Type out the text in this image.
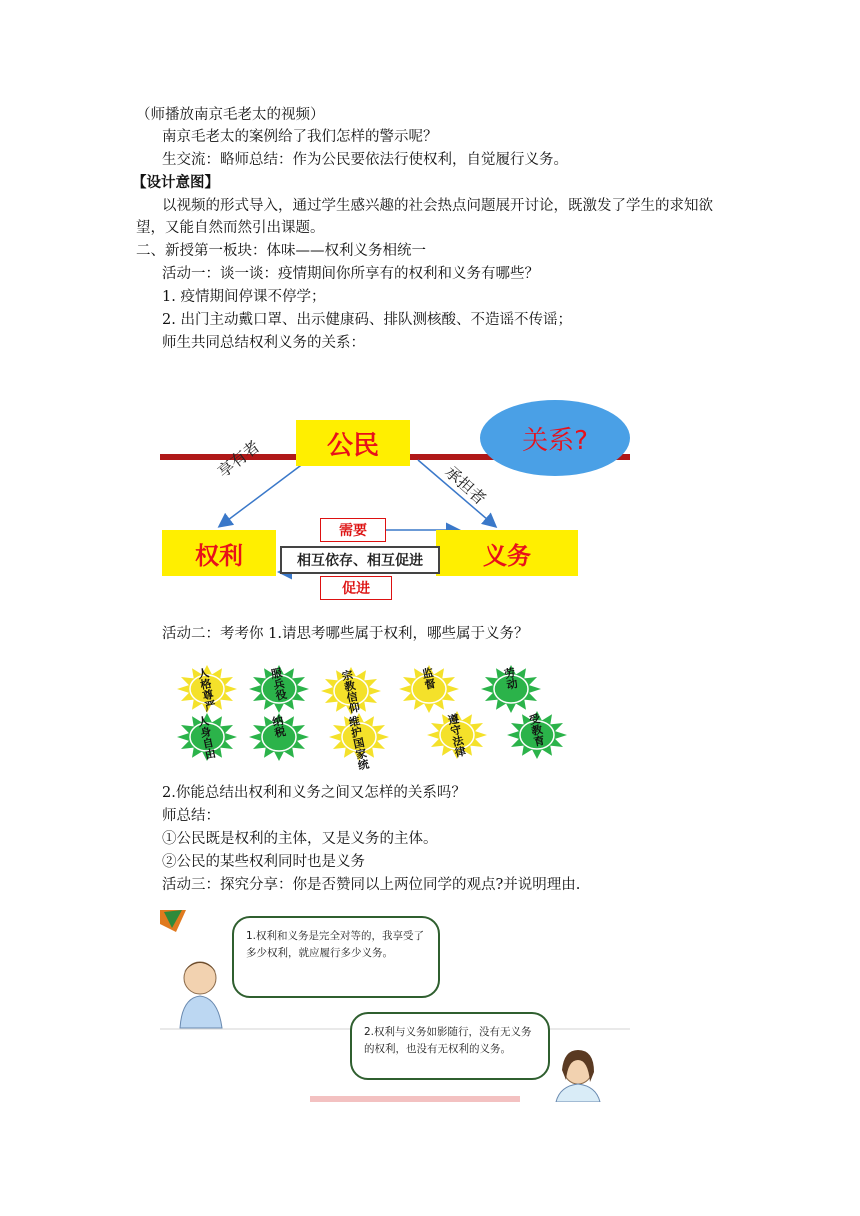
（师播放南京毛老太的视频）
南京毛老太的案例给了我们怎样的警示呢？
生交流：略师总结：作为公民要依法行使权利，自觉履行义务。
【设计意图】
以视频的形式导入，通过学生感兴趣的社会热点问题展开讨论，既激发了学生的求知欲
望，又能自然而然引出课题。
二、新授第一板块：体味——权利义务相统一
活动一：谈一谈：疫情期间你所享有的权利和义务有哪些？
1. 疫情期间停课不停学；
2. 出门主动戴口罩、出示健康码、排队测核酸、不造谣不传谣；
师生共同总结权利义务的关系：
关系?
公民
享有者
承担者
权利	义务
需要
相互依存、相互促进
促进
活动二：考考你 1.请思考哪些属于权利，哪些属于义务？
人格尊严
服兵役
宗教信仰
监督
劳动
人身自由
纳税
维护国家统
遵守法律
受教育
2.你能总结出权利和义务之间又怎样的关系吗？
师总结：
①公民既是权利的主体，又是义务的主体。
②公民的某些权利同时也是义务
活动三：探究分享：你是否赞同以上两位同学的观点?并说明理由.
1.权利和义务是完全对等的，我享受了多少权利，就应履行多少义务。
2.权利与义务如影随行，没有无义务的权利，也没有无权利的义务。
